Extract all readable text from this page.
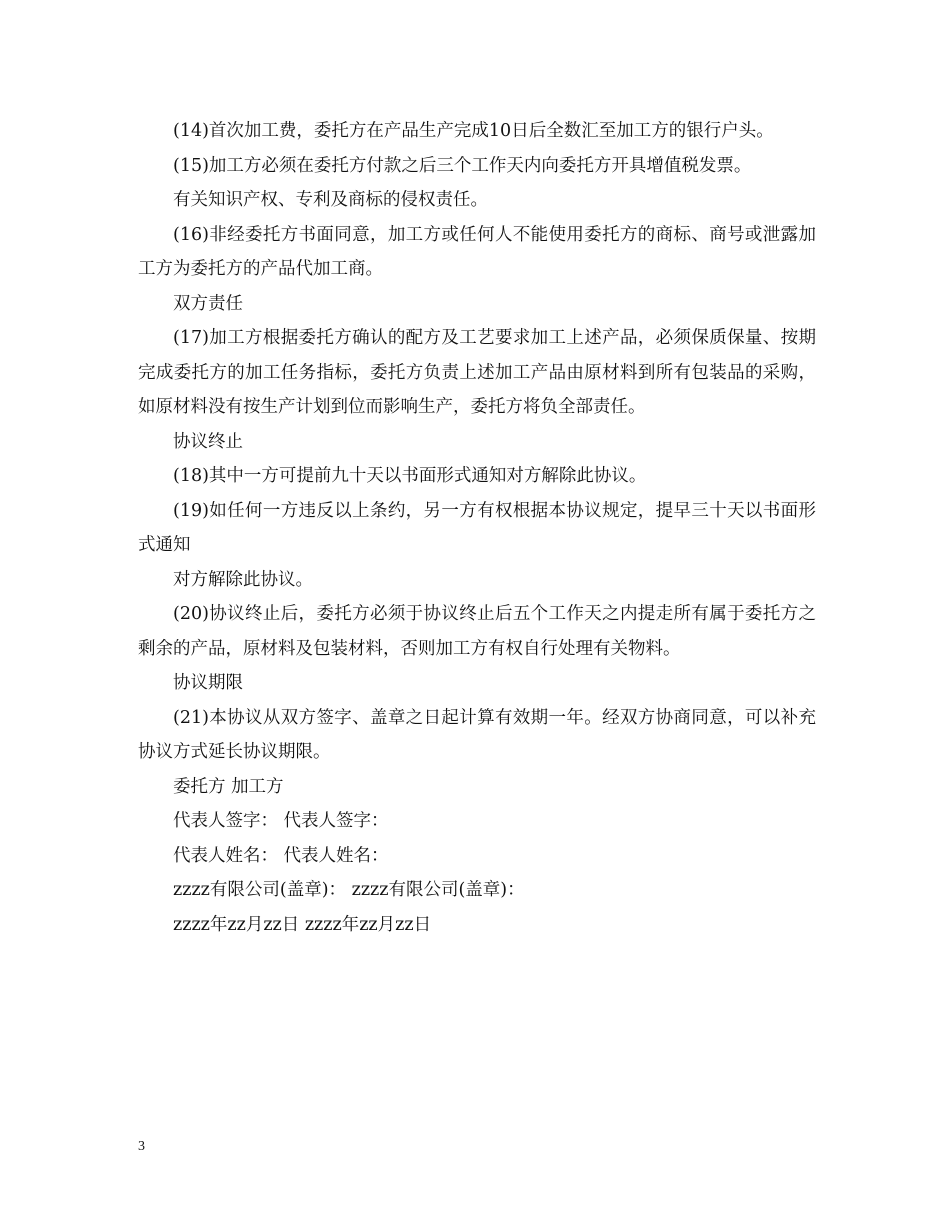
(14)首次加工费，委托方在产品生产完成10日后全数汇至加工方的银行户头。

(15)加工方必须在委托方付款之后三个工作天内向委托方开具增值税发票。

有关知识产权、专利及商标的侵权责任。

(16)非经委托方书面同意，加工方或任何人不能使用委托方的商标、商号或泄露加工方为委托方的产品代加工商。

双方责任

(17)加工方根据委托方确认的配方及工艺要求加工上述产品，必须保质保量、按期完成委托方的加工任务指标，委托方负责上述加工产品由原材料到所有包装品的采购，如原材料没有按生产计划到位而影响生产，委托方将负全部责任。

协议终止

(18)其中一方可提前九十天以书面形式通知对方解除此协议。

(19)如任何一方违反以上条约，另一方有权根据本协议规定，提早三十天以书面形式通知

对方解除此协议。

(20)协议终止后，委托方必须于协议终止后五个工作天之内提走所有属于委托方之剩余的产品，原材料及包装材料，否则加工方有权自行处理有关物料。

协议期限

(21)本协议从双方签字、盖章之日起计算有效期一年。经双方协商同意，可以补充协议方式延长协议期限。

委托方 加工方

代表人签字： 代表人签字：

代表人姓名： 代表人姓名：

zzzz有限公司(盖章)： zzzz有限公司(盖章)：

zzzz年zz月zz日 zzzz年zz月zz日

3
